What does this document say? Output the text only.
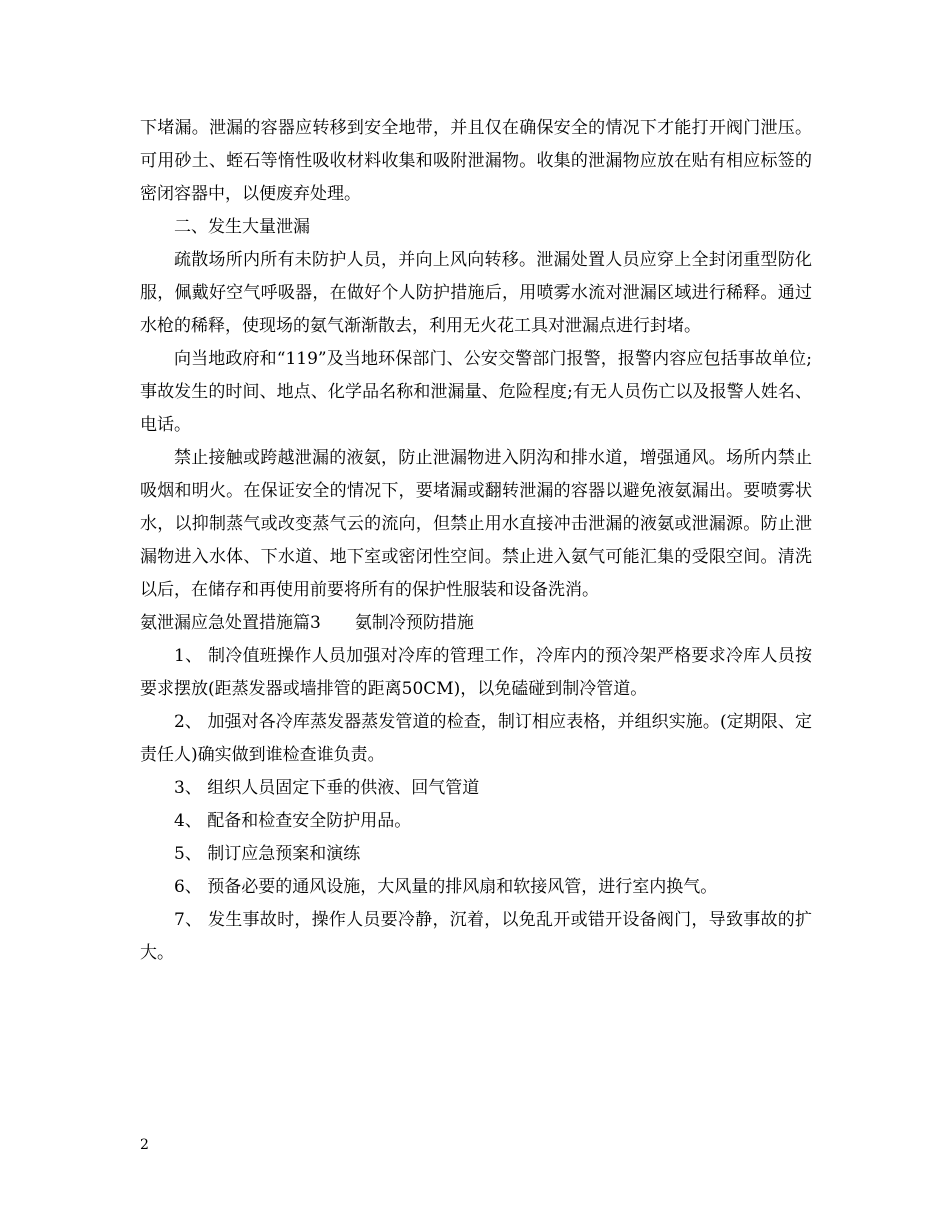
下堵漏。泄漏的容器应转移到安全地带，并且仅在确保安全的情况下才能打开阀门泄压。可用砂土、蛭石等惰性吸收材料收集和吸附泄漏物。收集的泄漏物应放在贴有相应标签的密闭容器中，以便废弃处理。

二、发生大量泄漏

疏散场所内所有未防护人员，并向上风向转移。泄漏处置人员应穿上全封闭重型防化服，佩戴好空气呼吸器，在做好个人防护措施后，用喷雾水流对泄漏区域进行稀释。通过水枪的稀释，使现场的氨气渐渐散去，利用无火花工具对泄漏点进行封堵。

向当地政府和“119”及当地环保部门、公安交警部门报警，报警内容应包括事故单位;事故发生的时间、地点、化学品名称和泄漏量、危险程度;有无人员伤亡以及报警人姓名、电话。

禁止接触或跨越泄漏的液氨，防止泄漏物进入阴沟和排水道，增强通风。场所内禁止吸烟和明火。在保证安全的情况下，要堵漏或翻转泄漏的容器以避免液氨漏出。要喷雾状水，以抑制蒸气或改变蒸气云的流向，但禁止用水直接冲击泄漏的液氨或泄漏源。防止泄漏物进入水体、下水道、地下室或密闭性空间。禁止进入氨气可能汇集的受限空间。清洗以后，在储存和再使用前要将所有的保护性服装和设备洗消。

氨泄漏应急处置措施篇3 氨制冷预防措施

1、 制冷值班操作人员加强对冷库的管理工作，冷库内的预冷架严格要求冷库人员按要求摆放(距蒸发器或墙排管的距离50CM)，以免磕碰到制冷管道。

2、 加强对各冷库蒸发器蒸发管道的检查，制订相应表格，并组织实施。(定期限、定责任人)确实做到谁检查谁负责。

3、 组织人员固定下垂的供液、回气管道

4、 配备和检查安全防护用品。

5、 制订应急预案和演练

6、 预备必要的通风设施，大风量的排风扇和软接风管，进行室内换气。

7、 发生事故时，操作人员要冷静，沉着，以免乱开或错开设备阀门，导致事故的扩大。

2
